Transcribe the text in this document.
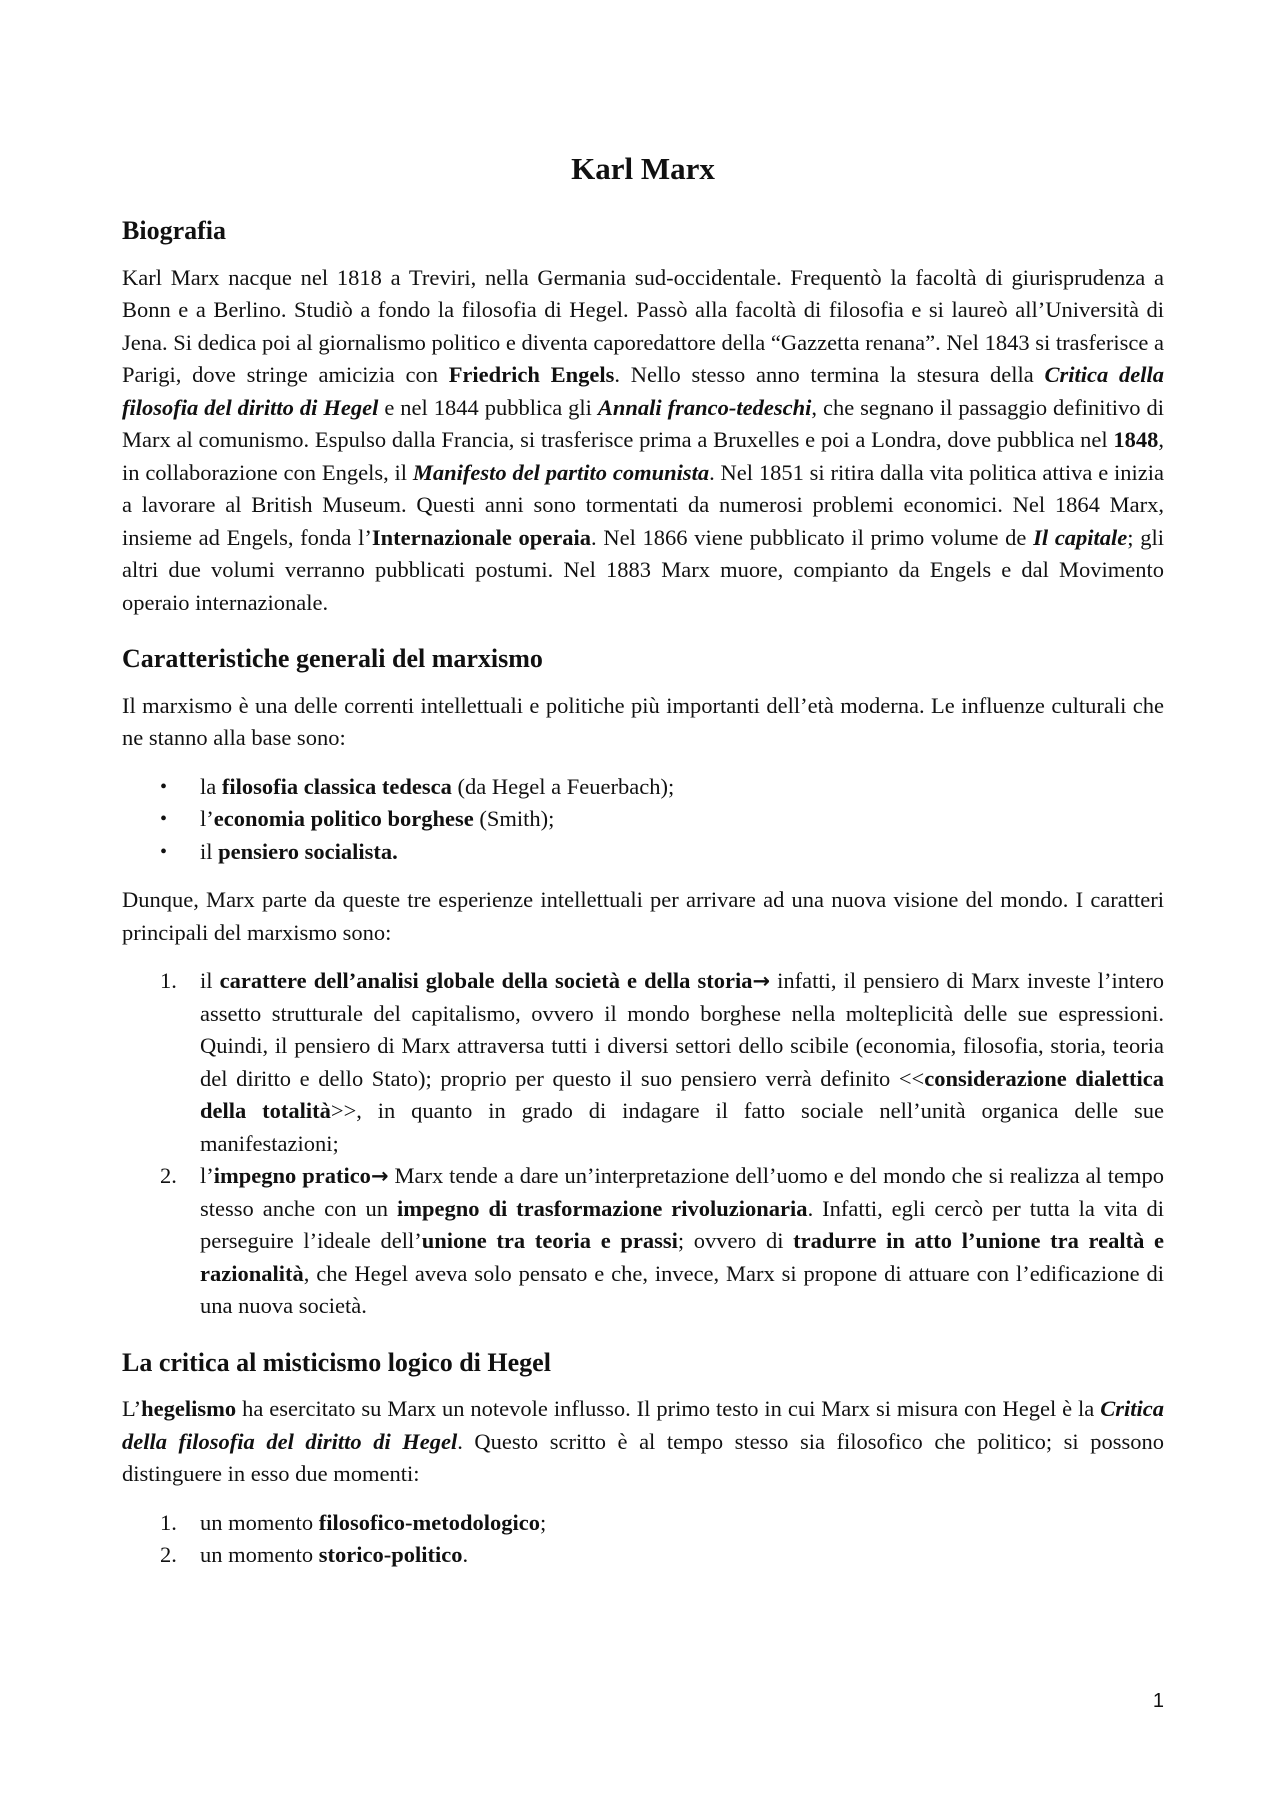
Karl Marx
Biografia

Karl Marx nacque nel 1818 a Treviri, nella Germania sud-occidentale. Frequentò la facoltà di giurisprudenza a Bonn e a Berlino. Studiò a fondo la filosofia di Hegel. Passò alla facoltà di filosofia e si laureò all’Università di Jena. Si dedica poi al giornalismo politico e diventa caporedattore della “Gazzetta renana”. Nel 1843 si trasferisce a Parigi, dove stringe amicizia con Friedrich Engels. Nello stesso anno termina la stesura della Critica della filosofia del diritto di Hegel e nel 1844 pubblica gli Annali franco-tedeschi, che segnano il passaggio definitivo di Marx al comunismo. Espulso dalla Francia, si trasferisce prima a Bruxelles e poi a Londra, dove pubblica nel 1848, in collaborazione con Engels, il Manifesto del partito comunista. Nel 1851 si ritira dalla vita politica attiva e inizia a lavorare al British Museum. Questi anni sono tormentati da numerosi problemi economici. Nel 1864 Marx, insieme ad Engels, fonda l’Internazionale operaia. Nel 1866 viene pubblicato il primo volume de Il capitale; gli altri due volumi verranno pubblicati postumi. Nel 1883 Marx muore, compianto da Engels e dal Movimento operaio internazionale.

Caratteristiche generali del marxismo

Il marxismo è una delle correnti intellettuali e politiche più importanti dell’età moderna. Le influenze culturali che ne stanno alla base sono:

• la filosofia classica tedesca (da Hegel a Feuerbach);
• l’economia politico borghese (Smith);
• il pensiero socialista.

Dunque, Marx parte da queste tre esperienze intellettuali per arrivare ad una nuova visione del mondo. I caratteri principali del marxismo sono:

1. il carattere dell’analisi globale della società e della storia→ infatti, il pensiero di Marx investe l’intero assetto strutturale del capitalismo, ovvero il mondo borghese nella molteplicità delle sue espressioni. Quindi, il pensiero di Marx attraversa tutti i diversi settori dello scibile (economia, filosofia, storia, teoria del diritto e dello Stato); proprio per questo il suo pensiero verrà definito <<considerazione dialettica della totalità>>, in quanto in grado di indagare il fatto sociale nell’unità organica delle sue manifestazioni;
2. l’impegno pratico→ Marx tende a dare un’interpretazione dell’uomo e del mondo che si realizza al tempo stesso anche con un impegno di trasformazione rivoluzionaria. Infatti, egli cercò per tutta la vita di perseguire l’ideale dell’unione tra teoria e prassi; ovvero di tradurre in atto l’unione tra realtà e razionalità, che Hegel aveva solo pensato e che, invece, Marx si propone di attuare con l’edificazione di una nuova società.
La critica al misticismo logico di Hegel

L’hegelismo ha esercitato su Marx un notevole influsso. Il primo testo in cui Marx si misura con Hegel è la Critica della filosofia del diritto di Hegel. Questo scritto è al tempo stesso sia filosofico che politico; si possono distinguere in esso due momenti:

1. un momento filosofico-metodologico;
2. un momento storico-politico.
1
